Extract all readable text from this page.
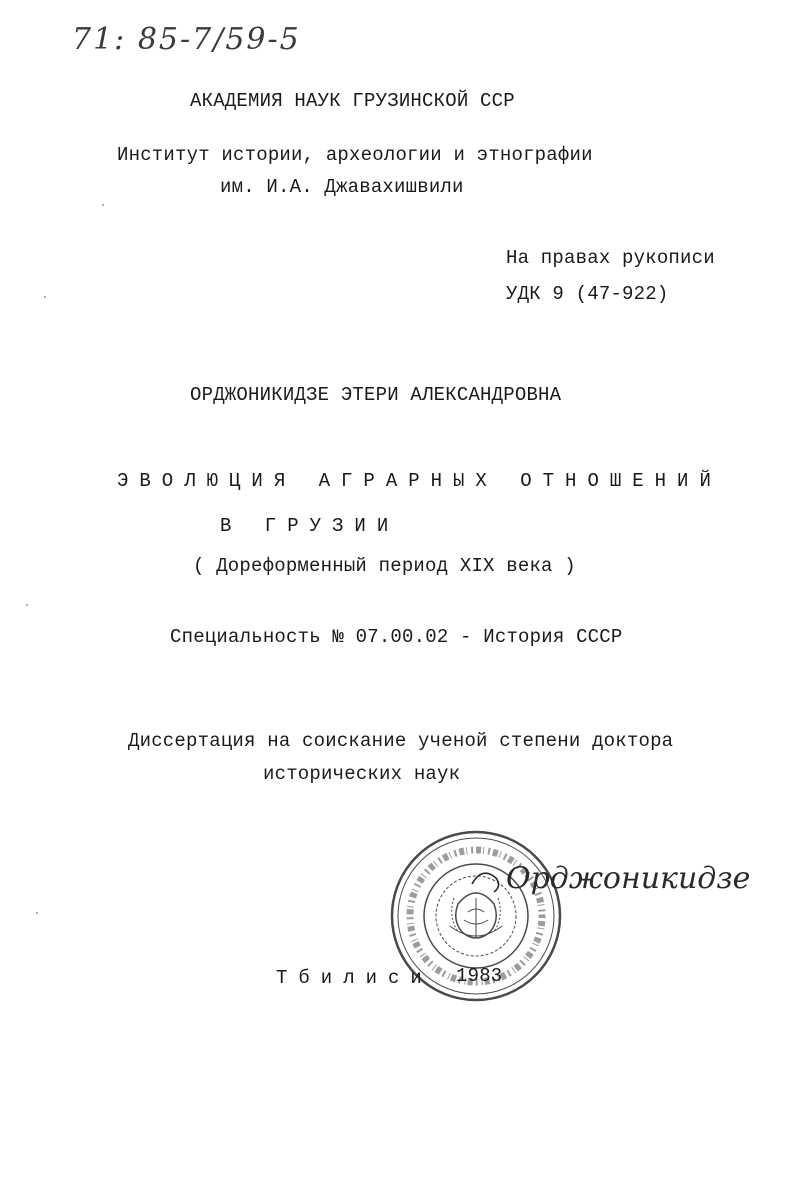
71: 85-7/59-5
АКАДЕМИЯ НАУК ГРУЗИНСКОЙ ССР
Институт истории, археологии и этнографии
им. И.А. Джавахишвили
На правах рукописи
УДК 9 (47-922)
ОРДЖОНИКИДЗЕ ЭТЕРИ АЛЕКСАНДРОВНА
ЭВОЛЮЦИЯ АГРАРНЫХ ОТНОШЕНИЙ
В ГРУЗИИ
( Дореформенный период XIX века )
Специальность № 07.00.02 - История СССР
Диссертация на соискание ученой степени доктора
исторических наук
Орджоникидзе
Тбилиси 1983
